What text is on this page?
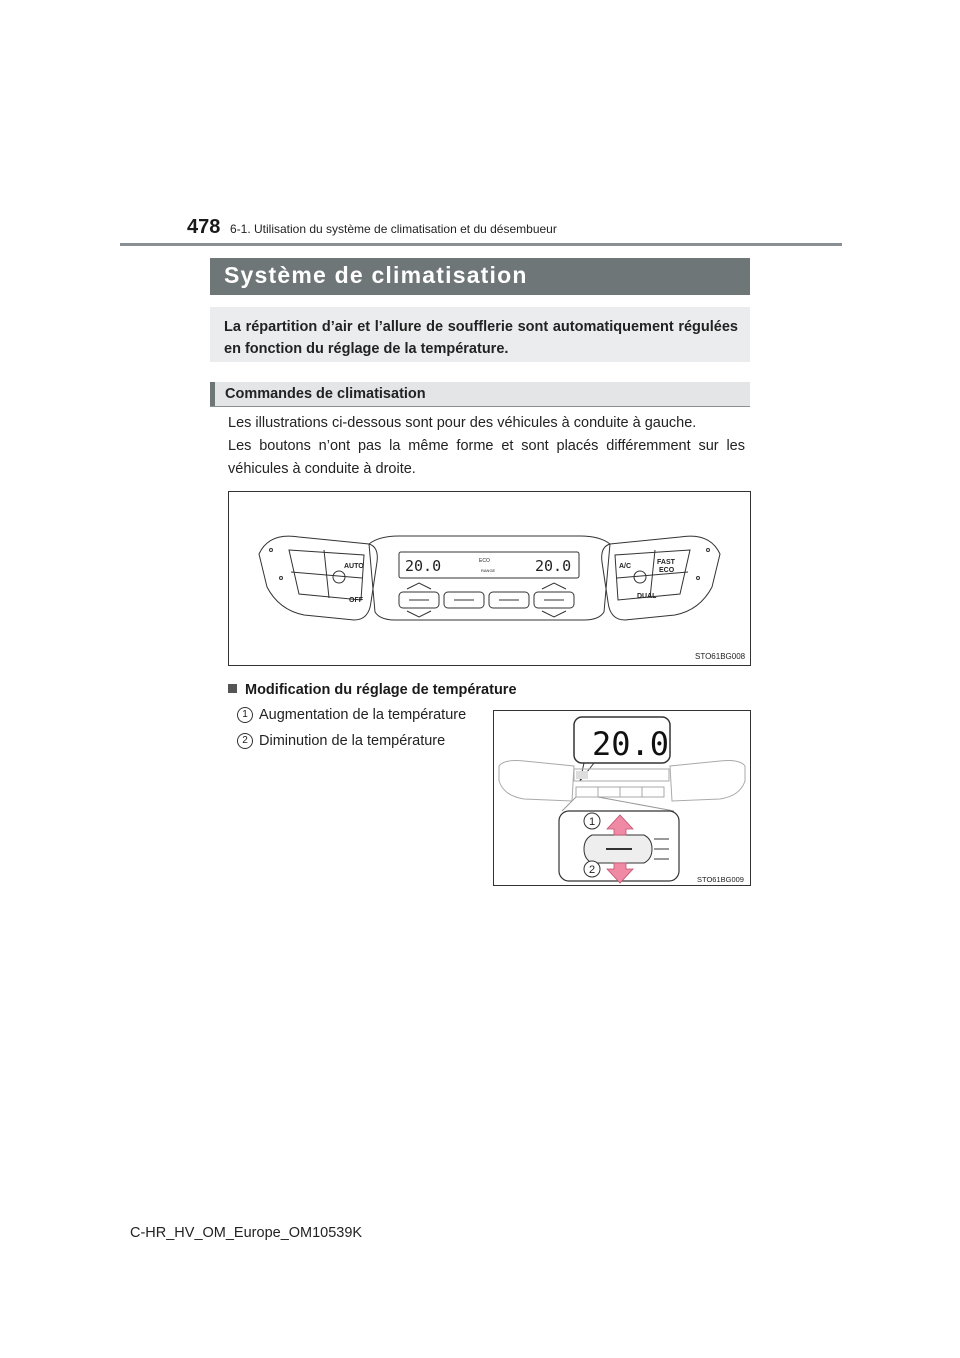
478 6-1. Utilisation du système de climatisation et du désembueur
Système de climatisation
La répartition d’air et l’allure de soufflerie sont automatiquement régulées en fonction du réglage de la température.
Commandes de climatisation

Les illustrations ci-dessous sont pour des véhicules à conduite à gauche.

Les boutons n’ont pas la même forme et sont placés différemment sur les véhicules à conduite à droite.

20.0	20.0
ECO
RANGE
AUTO
OFF
A/C
FAST
ECO
DUAL
STO61BG008
Modification du réglage de température
1 Augmentation de la température
2 Diminution de la température
1
2
20.0
STO61BG009
C-HR_HV_OM_Europe_OM10539K
